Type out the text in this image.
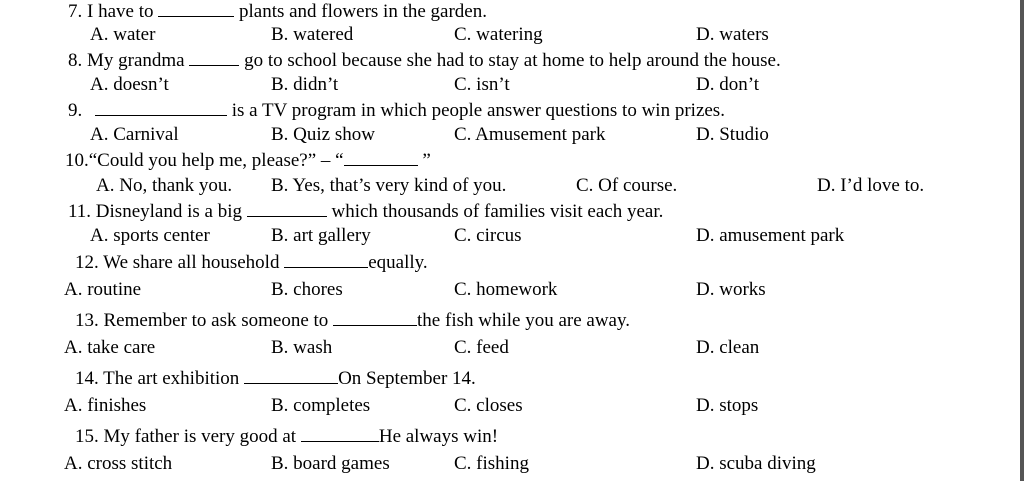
7. I have to	plants and flowers in the garden.
A. water	B. watered	C. watering	D. waters
8. My grandma	go to school because she had to stay at home to help around the house.
A. doesn’t	B. didn’t	C. isn’t	D. don’t
9.	is a TV program in which people answer questions to win prizes.
A. Carnival	B. Quiz show	C. Amusement park	D. Studio
10.“Could you help me, please?” – “	”
A. No, thank you. B. Yes, that’s very kind of you.	C. Of course.	D. I’d love to.
11. Disneyland is a big	which thousands of families visit each year.
A. sports center	B. art gallery	C. circus	D. amusement park
12. We share all household	equally.
A. routine	B. chores	C. homework	D. works
13. Remember to ask someone to	the fish while you are away.
A. take care	B. wash	C. feed	D. clean
14. The art exhibition	On September 14.
A. finishes	B. completes	C. closes	D. stops
15. My father is very good at	He always win!
A. cross stitch	B. board games	C. fishing	D. scuba diving
